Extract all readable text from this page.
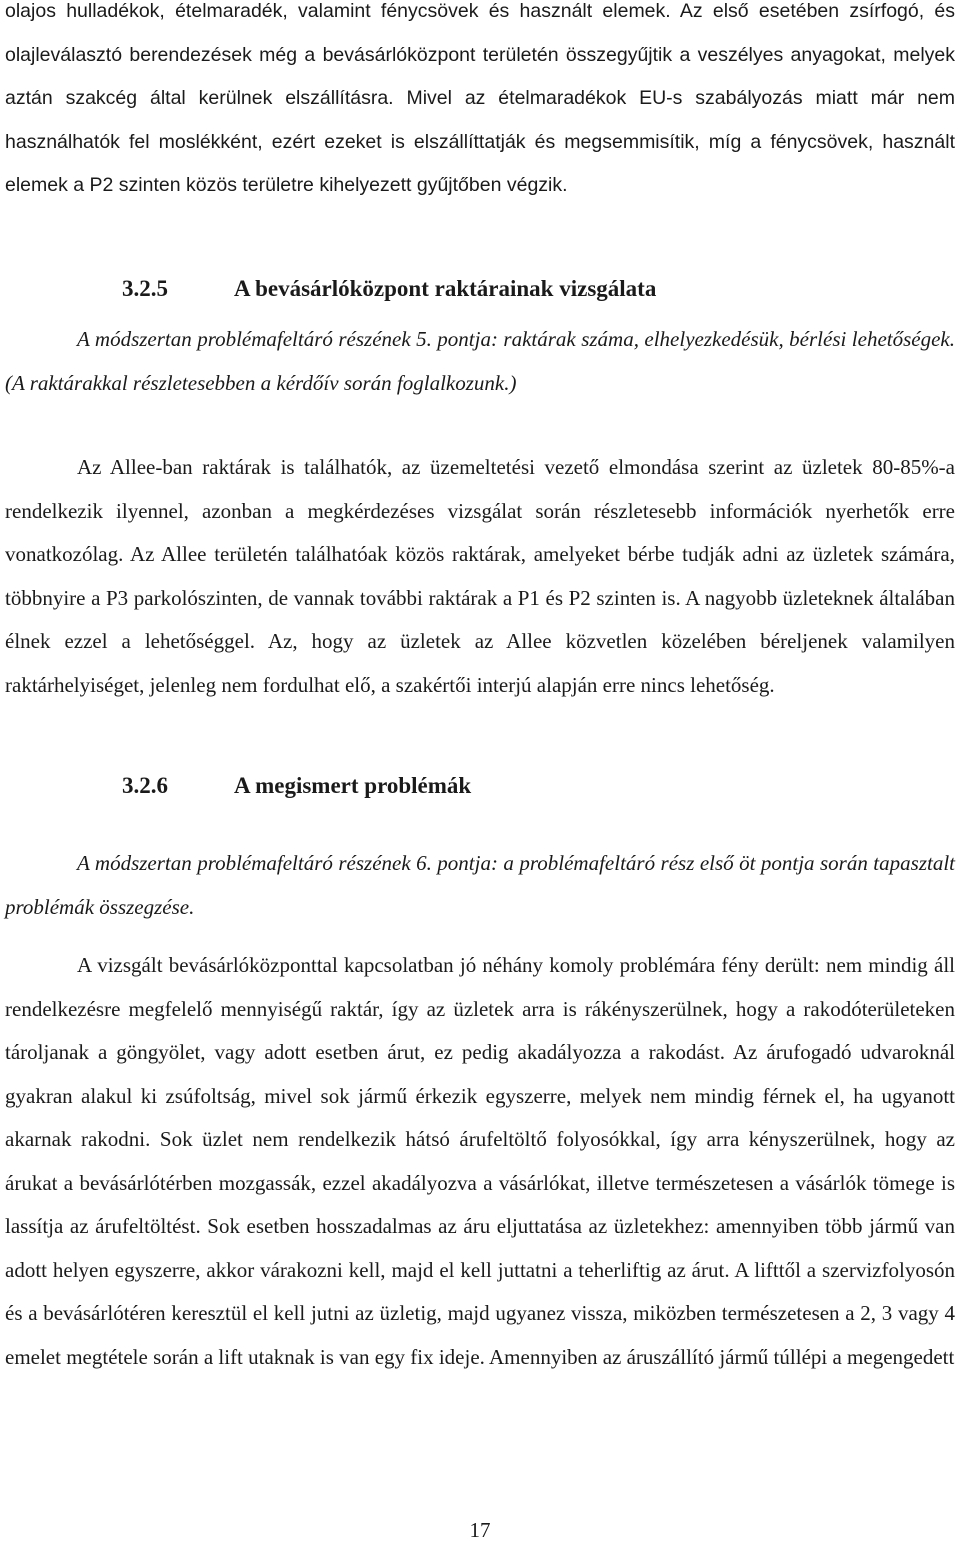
olajos hulladékok, ételmaradék, valamint fénycsövek és használt elemek. Az első esetében zsírfogó, és olajleválasztó berendezések még a bevásárlóközpont területén összegyűjtik a veszélyes anyagokat, melyek aztán szakcég által kerülnek elszállításra. Mivel az ételmaradékok EU-s szabályozás miatt már nem használhatók fel moslékként, ezért ezeket is elszállíttatják és megsemmisítik, míg a fénycsövek, használt elemek a P2 szinten közös területre kihelyezett gyűjtőben végzik.

3.2.5	A bevásárlóközpont raktárainak vizsgálata

A módszertan problémafeltáró részének 5. pontja: raktárak száma, elhelyezkedésük, bérlési lehetőségek. (A raktárakkal részletesebben a kérdőív során foglalkozunk.)

Az Allee-ban raktárak is találhatók, az üzemeltetési vezető elmondása szerint az üzletek 80-85%-a rendelkezik ilyennel, azonban a megkérdezéses vizsgálat során részletesebb információk nyerhetők erre vonatkozólag. Az Allee területén találhatóak közös raktárak, amelyeket bérbe tudják adni az üzletek számára, többnyire a P3 parkolószinten, de vannak további raktárak a P1 és P2 szinten is. A nagyobb üzleteknek általában élnek ezzel a lehetőséggel. Az, hogy az üzletek az Allee közvetlen közelében béreljenek valamilyen raktárhelyiséget, jelenleg nem fordulhat elő, a szakértői interjú alapján erre nincs lehetőség.

3.2.6	A megismert problémák

A módszertan problémafeltáró részének 6. pontja: a problémafeltáró rész első öt pontja során tapasztalt problémák összegzése.

A vizsgált bevásárlóközponttal kapcsolatban jó néhány komoly problémára fény derült: nem mindig áll rendelkezésre megfelelő mennyiségű raktár, így az üzletek arra is rákényszerülnek, hogy a rakodóterületeken tároljanak a göngyölet, vagy adott esetben árut, ez pedig akadályozza a rakodást. Az árufogadó udvaroknál gyakran alakul ki zsúfoltság, mivel sok jármű érkezik egyszerre, melyek nem mindig férnek el, ha ugyanott akarnak rakodni. Sok üzlet nem rendelkezik hátsó árufeltöltő folyosókkal, így arra kényszerülnek, hogy az árukat a bevásárlótérben mozgassák, ezzel akadályozva a vásárlókat, illetve természetesen a vásárlók tömege is lassítja az árufeltöltést. Sok esetben hosszadalmas az áru eljuttatása az üzletekhez: amennyiben több jármű van adott helyen egyszerre, akkor várakozni kell, majd el kell juttatni a teherliftig az árut. A lifttől a szervizfolyosón és a bevásárlótéren keresztül el kell jutni az üzletig, majd ugyanez vissza, miközben természetesen a 2, 3 vagy 4 emelet megtétele során a lift utaknak is van egy fix ideje. Amennyiben az áruszállító jármű túllépi a megengedett

17
